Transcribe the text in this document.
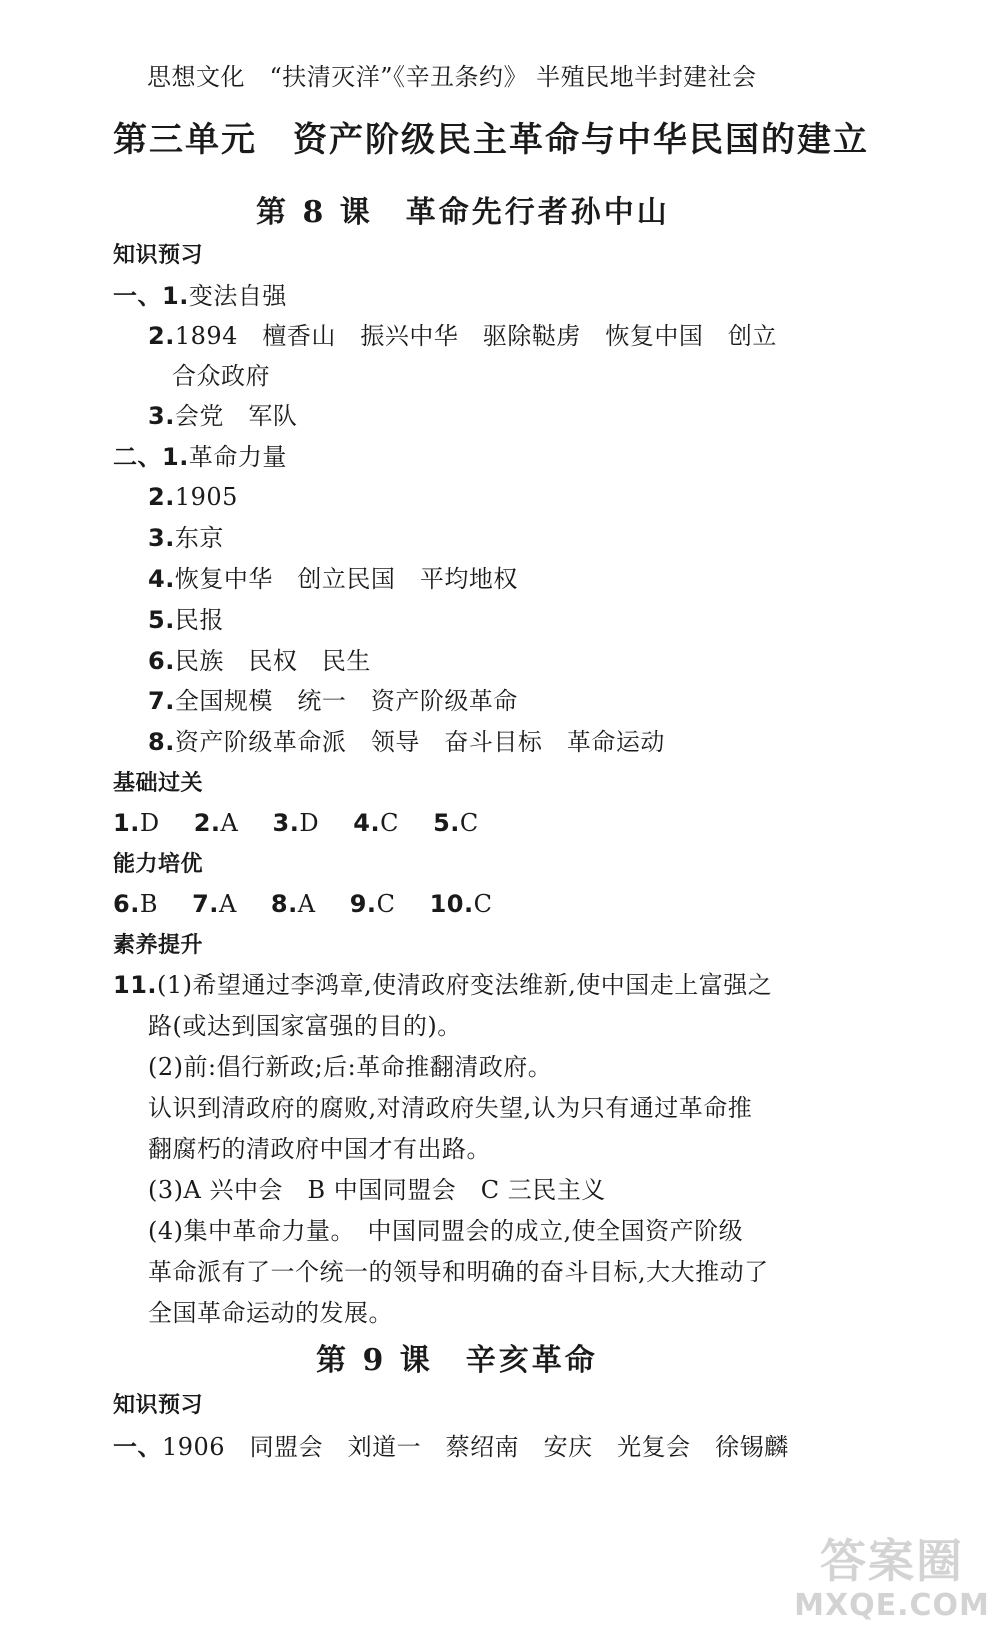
思想文化　“扶清灭洋”《辛丑条约》 半殖民地半封建社会
第三单元　资产阶级民主革命与中华民国的建立
第 8 课　革命先行者孙中山
知识预习
一、1.变法自强
2.1894　檀香山　振兴中华　驱除鞑虏　恢复中国　创立
合众政府
3.会党　军队
二、1.革命力量
2.1905
3.东京
4.恢复中华　创立民国　平均地权
5.民报
6.民族　民权　民生
7.全国规模　统一　资产阶级革命
8.资产阶级革命派　领导　奋斗目标　革命运动
基础过关
1.D 2.A 3.D 4.C 5.C
能力培优
6.B 7.A 8.A 9.C 10.C
素养提升
11.(1)希望通过李鸿章,使清政府变法维新,使中国走上富强之
路(或达到国家富强的目的)。
(2)前:倡行新政;后:革命推翻清政府。
认识到清政府的腐败,对清政府失望,认为只有通过革命推
翻腐朽的清政府中国才有出路。
(3)A 兴中会　B 中国同盟会　C 三民主义
(4)集中革命力量。　中国同盟会的成立,使全国资产阶级
革命派有了一个统一的领导和明确的奋斗目标,大大推动了
全国革命运动的发展。
第 9 课　辛亥革命
知识预习
一、1906　同盟会　刘道一　蔡绍南　安庆　光复会　徐锡麟
答案圈
MXQE.COM
